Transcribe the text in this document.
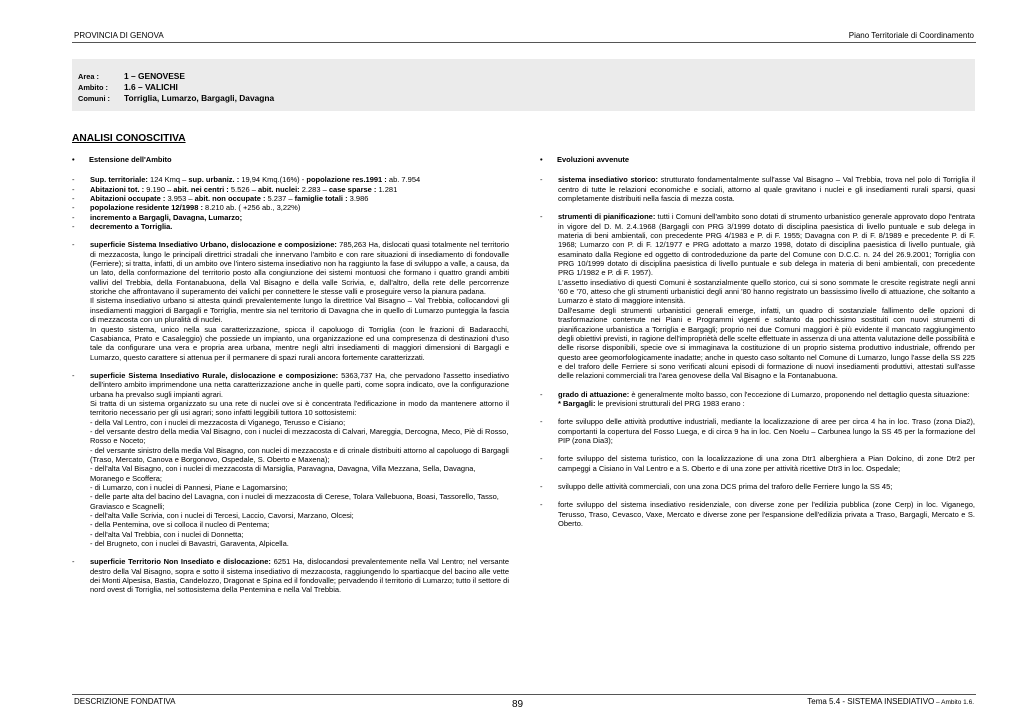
PROVINCIA DI GENOVA	Piano Territoriale di Coordinamento
Area :	1 – GENOVESE
Ambito : 1.6 – VALICHI
Comuni : Torriglia, Lumarzo, Bargagli, Davagna
ANALISI CONOSCITIVA
• Estensione dell'Ambito
- Sup. territoriale: 124 Kmq – sup. urbaniz. : 19,94 Kmq.(16%) - popolazione res.1991 : ab. 7.954
- Abitazioni tot. : 9.190 – abit. nei centri : 5.526 – abit. nuclei: 2.283 – case sparse : 1.281
- Abitazioni occupate : 3.953 – abit. non occupate : 5.237 – famiglie totali : 3.986
- popolazione residente 12/1998 : 8.210 ab. ( +256 ab., 3,22%)
- incremento a Bargagli, Davagna, Lumarzo;
- decremento a Torriglia.
- superficie Sistema Insediativo Urbano, dislocazione e composizione: 785,263 Ha, dislocati quasi totalmente nel territorio di mezzacosta, lungo le principali direttrici stradali che innervano l'ambito e con rare situazioni di insediamento di fondovalle (Ferriere); si tratta, infatti, di un ambito ove l'intero sistema insediativo non ha raggiunto la fase di sviluppo a valle, a causa, da un lato, della conformazione del territorio posto alla congiunzione dei sistemi montuosi che formano i quattro grandi ambiti vallivi del Trebbia, della Fontanabuona, della Val Bisagno e della valle Scrivia, e, dall'altro, della rete delle percorrenze storiche che affrontavano il superamento dei valichi per connettere le stesse valli e proseguire verso la pianura padana.

Il sistema insediativo urbano si attesta quindi prevalentemente lungo la direttrice Val Bisagno – Val Trebbia, collocandovi gli insediamenti maggiori di Bargagli e Torriglia, mentre sia nel territorio di Davagna che in quello di Lumarzo punteggia la fascia di mezzacosta con un pluralità di nuclei.

In questo sistema, unico nella sua caratterizzazione, spicca il capoluogo di Torriglia (con le frazioni di Badaracchi, Casabianca, Prato e Casaleggio) che possiede un impianto, una organizzazione ed una compresenza di destinazioni d'uso tale da configurare una vera e propria area urbana, mentre negli altri insediamenti di maggiori dimensioni di Bargagli e Lumarzo, questo carattere si attenua per il permanere di spazi rurali ancora fortemente caratterizzati.

- superficie Sistema Insediativo Rurale, dislocazione e composizione: 5363,737 Ha, che pervadono l'assetto insediativo dell'intero ambito imprimendone una netta caratterizzazione anche in quelle parti, come sopra indicato, ove la configurazione urbana ha prevalso sugli impianti agrari.

Si tratta di un sistema organizzato su una rete di nuclei ove si è concentrata l'edificazione in modo da mantenere attorno il territorio necessario per gli usi agrari; sono infatti leggibili tuttora 10 sottosistemi:

- della Val Lentro, con i nuclei di mezzacosta di Viganego, Terusso e Cisiano;
- del versante destro della media Val Bisagno, con i nuclei di mezzacosta di Calvari, Mareggia, Dercogna, Meco, Piè di Rosso, Rosso e Noceto;
- del versante sinistro della media Val Bisagno, con nuclei di mezzacosta e di crinale distribuiti attorno al capoluogo di Bargagli (Traso, Mercato, Canova e Borgonovo, Ospedale, S. Oberto e Maxena);
- dell'alta Val Bisagno, con i nuclei di mezzacosta di Marsiglia, Paravagna, Davagna, Villa Mezzana, Sella, Davagna, Moranego e Scoffera;
- di Lumarzo, con i nuclei di Pannesi, Piane e Lagomarsino;
- delle parte alta del bacino del Lavagna, con i nuclei di mezzacosta di Cerese, Tolara Vallebuona, Boasi, Tassorello, Tasso, Graviasco e Scagnelli;
- dell'alta Valle Scrivia, con i nuclei di Tercesi, Laccio, Cavorsi, Marzano, Olcesi;
- della Pentemina, ove si colloca il nucleo di Pentema;
- dell'alta Val Trebbia, con i nuclei di Donnetta;
- del Brugneto, con i nuclei di Bavastri, Garaventa, Alpicella.
- superficie Territorio Non Insediato e dislocazione: 6251 Ha, dislocandosi prevalentemente nella Val Lentro; nel versante destro della Val Bisagno, sopra e sotto il sistema insediativo di mezzacosta, raggiungendo lo spartiacque del bacino alle vette dei Monti Alpesisa, Bastia, Candelozzo, Dragonat e Spina ed il fondovalle; pervadendo il territorio di Lumarzo; tutto il settore di nord ovest di Torriglia, nel sottosistema della Pentemina e nella Val Trebbia.

• Evoluzioni avvenute
- sistema insediativo storico: strutturato fondamentalmente sull'asse Val Bisagno – Val Trebbia, trova nel polo di Torriglia il centro di tutte le relazioni economiche e sociali, attorno al quale gravitano i nuclei e gli insediamenti rurali sparsi, quasi completamente distribuiti nella fascia di mezza costa.

- strumenti di pianificazione: tutti i Comuni dell'ambito sono dotati di strumento urbanistico generale approvato dopo l'entrata in vigore del D. M. 2.4.1968 (Bargagli con PRG 3/1999 dotato di disciplina paesistica di livello puntuale e sub delega in materia di beni ambientali, con precedente PRG 4/1983 e P. di F. 1955; Davagna con P. di F. 8/1989 e precedente P. di F. 1968; Lumarzo con P. di F. 12/1977 e PRG adottato a marzo 1998, dotato di disciplina paesistica di livello puntuale, già esaminato dalla Regione ed oggetto di controdeduzione da parte del Comune con D.C.C. n. 24 del 26.9.2001; Torriglia con PRG 10/1999 dotato di disciplina paesistica di livello puntuale e sub delega in materia di beni ambientali, con precedente PRG 1/1982 e P. di F. 1957).

L'assetto insediativo di questi Comuni è sostanzialmente quello storico, cui si sono sommate le crescite registrate negli anni '60 e '70, atteso che gli strumenti urbanistici degli anni '80 hanno registrato un bassissimo livello di attuazione, che soltanto a Lumarzo è stato di maggiore intensità.

Dall'esame degli strumenti urbanistici generali emerge, infatti, un quadro di sostanziale fallimento delle opzioni di trasformazione contenute nei Piani e Programmi vigenti e soltanto da pochissimo sostituiti con nuovi strumenti di pianificazione urbanistica a Torriglia e Bargagli; proprio nei due Comuni maggiori è più evidente il mancato raggiungimento degli obiettivi previsti, in ragione dell'impropriètà delle scelte effettuate in assenza di una attenta valutazione delle possibilità e delle risorse disponibili, specie ove si immaginava la costituzione di un proprio sistema produttivo industriale, offrendo per questo aree geomorfologicamente inadatte; anche in questo caso soltanto nel Comune di Lumarzo, lungo l'asse della SS 225 e del traforo delle Ferriere si sono verificati alcuni episodi di formazione di nuovi insediamenti produttivi, attestati sull'asse delle relazioni commerciali tra l'area genovese della Val Bisagno e la Fontanabuona.

- grado di attuazione: è generalmente molto basso, con l'eccezione di Lumarzo, proponendo nel dettaglio questa situazione:

* Bargagli: le previsioni strutturali del PRG 1983 erano :

- forte sviluppo delle attività produttive industriali, mediante la localizzazione di aree per circa 4 ha in loc. Traso (zona Dia2), comportanti la copertura del Fosso Luega, e di circa 9 ha in loc. Cen Noelu – Carbunea lungo la SS 45 per la formazione del PIP (zona Dia3);

- forte sviluppo del sistema turistico, con la localizzazione di una zona Dtr1 alberghiera a Pian Dolcino, di zone Dtr2 per campeggi a Cisiano in Val Lentro e a S. Oberto e di una zone per attività ricettive Dtr3 in loc. Ospedale;

- sviluppo delle attività commerciali, con una zona DCS prima del traforo delle Ferriere lungo la SS 45;

- forte sviluppo del sistema insediativo residenziale, con diverse zone per l'edilizia pubblica (zone Cerp) in loc. Viganego, Terusso, Traso, Cevasco, Vaxe, Mercato e diverse zone per l'espansione dell'edilizia privata a Traso, Bargagli, Mercato e S. Oberto.

DESCRIZIONE FONDATIVA	89	Tema 5.4 - SISTEMA INSEDIATIVO – Ambito 1.6.
